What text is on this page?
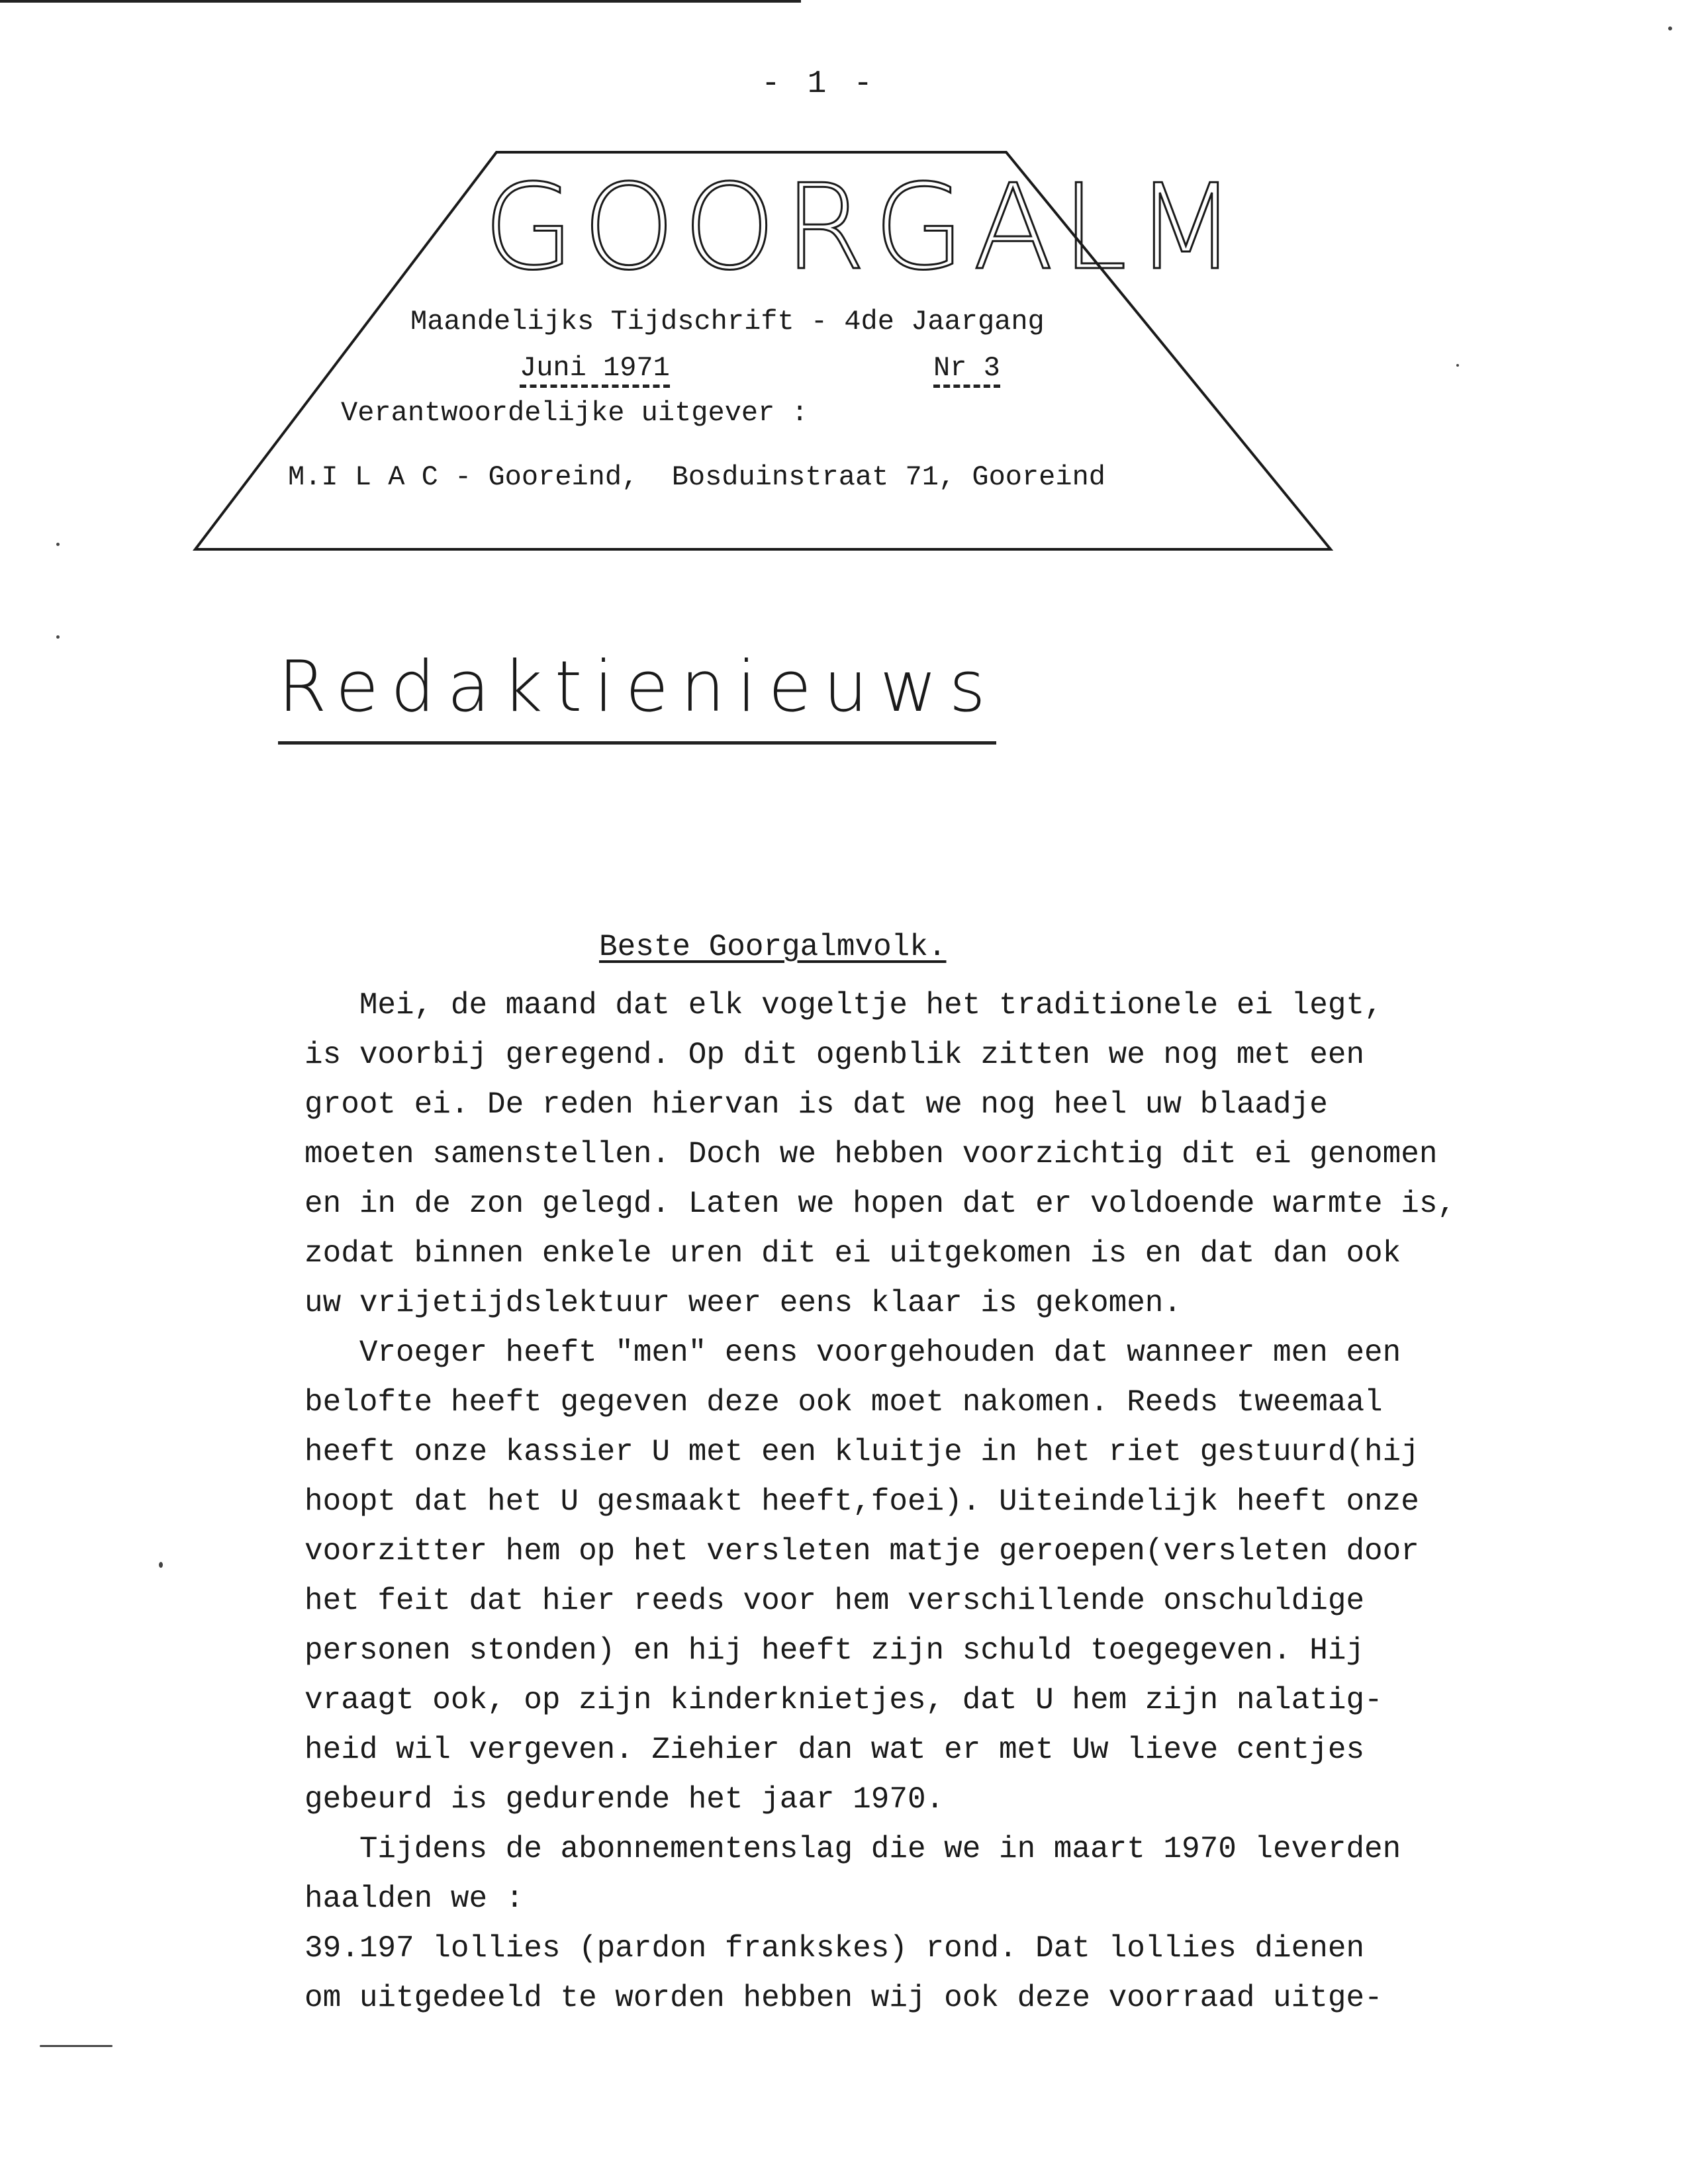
- 1 -
GOORGALM
Maandelijks Tijdschrift - 4de Jaargang
Juni 1971	Nr 3
Verantwoordelijke uitgever :
M.I L A C - Gooreind,  Bosduinstraat 71, Gooreind
Redaktienieuws
Beste Goorgalmvolk.
Mei, de maand dat elk vogeltje het traditionele ei legt,
is voorbij geregend. Op dit ogenblik zitten we nog met een
groot ei. De reden hiervan is dat we nog heel uw blaadje
moeten samenstellen. Doch we hebben voorzichtig dit ei genomen
en in de zon gelegd. Laten we hopen dat er voldoende warmte is,
zodat binnen enkele uren dit ei uitgekomen is en dat dan ook
uw vrijetijdslektuur weer eens klaar is gekomen.
Vroeger heeft "men" eens voorgehouden dat wanneer men een
belofte heeft gegeven deze ook moet nakomen. Reeds tweemaal
heeft onze kassier U met een kluitje in het riet gestuurd(hij
hoopt dat het U gesmaakt heeft,foei). Uiteindelijk heeft onze
voorzitter hem op het versleten matje geroepen(versleten door
het feit dat hier reeds voor hem verschillende onschuldige
personen stonden) en hij heeft zijn schuld toegegeven. Hij
vraagt ook, op zijn kinderknietjes, dat U hem zijn nalatig-
heid wil vergeven. Ziehier dan wat er met Uw lieve centjes
gebeurd is gedurende het jaar 1970.
Tijdens de abonnementenslag die we in maart 1970 leverden
haalden we :
39.197 lollies (pardon frankskes) rond. Dat lollies dienen
om uitgedeeld te worden hebben wij ook deze voorraad uitge-
